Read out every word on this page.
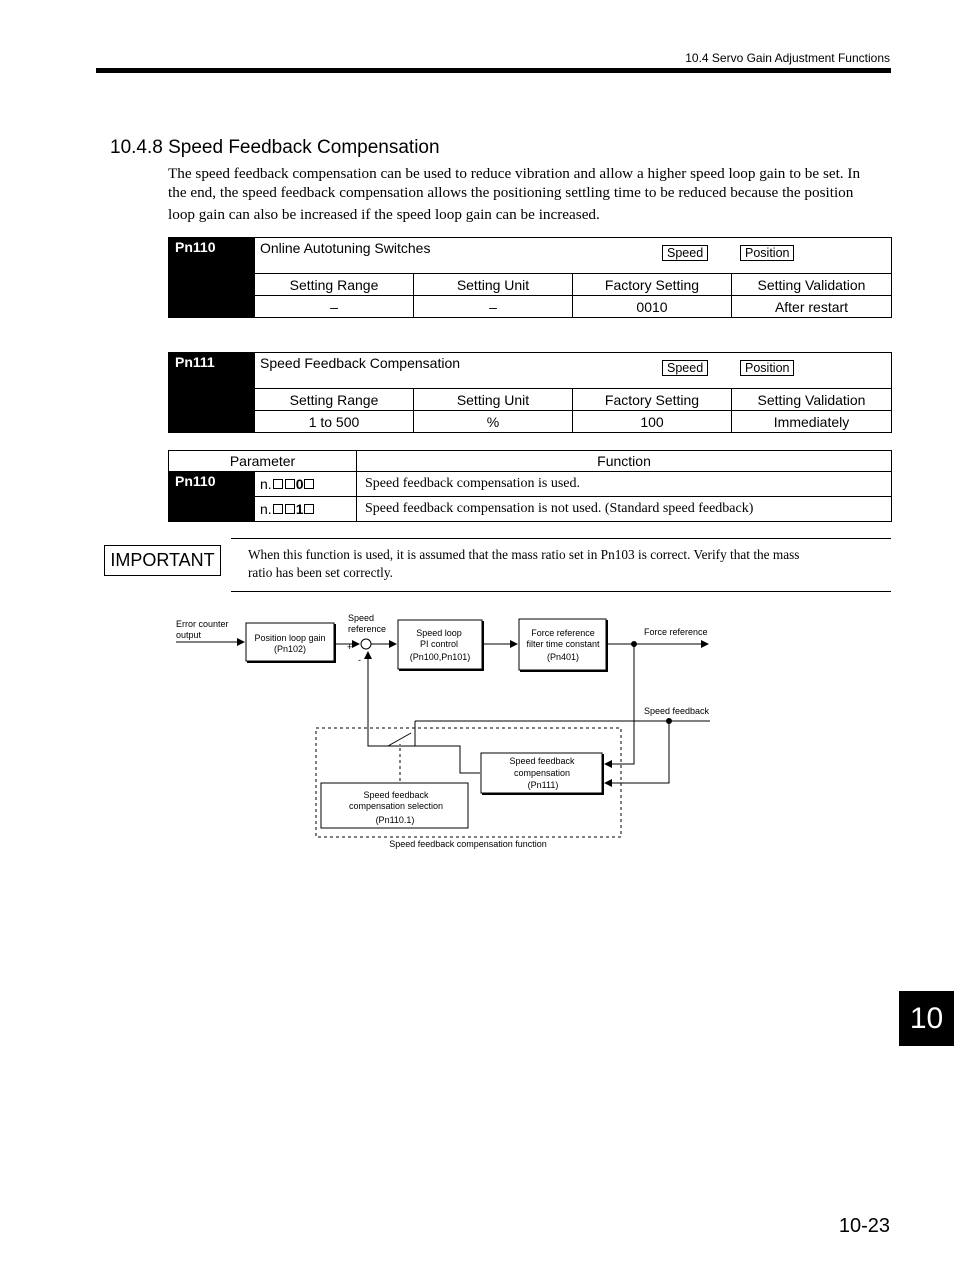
10.4 Servo Gain Adjustment Functions
10.4.8 Speed Feedback Compensation

The speed feedback compensation can be used to reduce vibration and allow a higher speed loop gain to be set. In

the end, the speed feedback compensation allows the positioning settling time to be reduced because the position

loop gain can also be increased if the speed loop gain can be increased.

Pn110	Online Autotuning Switches Speed Position			

	Setting Range	Setting Unit	Factory Setting	Setting Validation
	–	–	0010	After restart
Pn111	Speed Feedback Compensation Speed Position			

	Setting Range	Setting Unit	Factory Setting	Setting Validation
	1 to 500	%	100	Immediately
Parameter		Function
Pn110	n. 0	Speed feedback compensation is used.
	n. 1	Speed feedback compensation is not used. (Standard speed feedback)
IMPORTANT	When this function is used, it is assumed that the mass ratio set in Pn103 is correct. Verify that the mass
ratio has been set correctly.
Error counter
output	Position loop gain
(Pn102)
Speed
reference
+
-
Speed loop
PI control
(Pn100,Pn101)
Force reference
filter time constant
(Pn401)
Force reference
Speed feedback
Speed feedback
compensation
(Pn111)
Speed feedback
compensation selection
(Pn110.1)
Speed feedback compensation function
10
10-23
